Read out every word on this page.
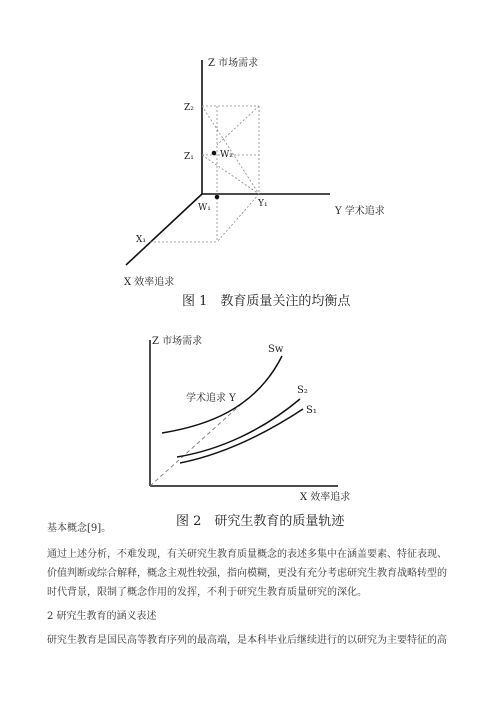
Z 市场需求
Y 学术追求
X 效率追求
Z₂
Z₁	W₂
W₁	Y₁
X₁
图 1　教育质量关注的均衡点
Z 市场需求
X 效率追求
学术追求 Y
Sw
S₂
S₁
图 2　研究生教育的质量轨迹

基本概念[9]。

通过上述分析，不难发现，有关研究生教育质量概念的表述多集中在涵盖要素、特征表现、

价值判断或综合解释，概念主观性较强，指向模糊，更没有充分考虑研究生教育战略转型的

时代背景，限制了概念作用的发挥，不利于研究生教育质量研究的深化。

2 研究生教育的涵义表述

研究生教育是国民高等教育序列的最高端，是本科毕业后继续进行的以研究为主要特征的高
